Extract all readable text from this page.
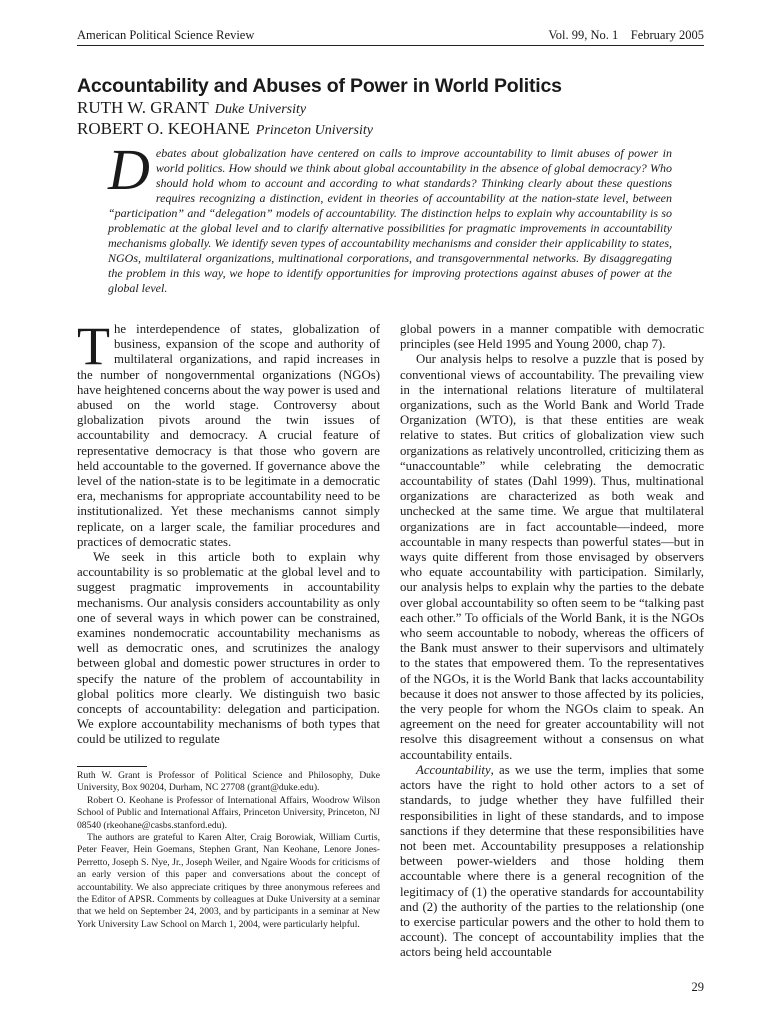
American Political Science Review	Vol. 99, No. 1 February 2005
Accountability and Abuses of Power in World Politics
RUTH W. GRANT Duke University
ROBERT O. KEOHANE Princeton University

Debates about globalization have centered on calls to improve accountability to limit abuses of power in world politics. How should we think about global accountability in the absence of global democracy? Who should hold whom to account and according to what standards? Thinking clearly about these questions requires recognizing a distinction, evident in theories of accountability at the nation-state level, between “participation” and “delegation” models of accountability. The distinction helps to explain why accountability is so problematic at the global level and to clarify alternative possibilities for pragmatic improvements in accountability mechanisms globally. We identify seven types of accountability mechanisms and consider their applicability to states, NGOs, multilateral organizations, multinational corporations, and transgovernmental networks. By disaggregating the problem in this way, we hope to identify opportunities for improving protections against abuses of power at the global level.

The interdependence of states, globalization of business, expansion of the scope and authority of multilateral organizations, and rapid increases in the number of nongovernmental organizations (NGOs) have heightened concerns about the way power is used and abused on the world stage. Controversy about globalization pivots around the twin issues of accountability and democracy. A crucial feature of representative democracy is that those who govern are held accountable to the governed. If governance above the level of the nation-state is to be legitimate in a democratic era, mechanisms for appropriate accountability need to be institutionalized. Yet these mechanisms cannot simply replicate, on a larger scale, the familiar procedures and practices of democratic states.

We seek in this article both to explain why accountability is so problematic at the global level and to suggest pragmatic improvements in accountability mechanisms. Our analysis considers accountability as only one of several ways in which power can be constrained, examines nondemocratic accountability mechanisms as well as democratic ones, and scrutinizes the analogy between global and domestic power structures in order to specify the nature of the problem of accountability in global politics more clearly. We distinguish two basic concepts of accountability: delegation and participation. We explore accountability mechanisms of both types that could be utilized to regulate

global powers in a manner compatible with democratic principles (see Held 1995 and Young 2000, chap 7).

Our analysis helps to resolve a puzzle that is posed by conventional views of accountability. The prevailing view in the international relations literature of multilateral organizations, such as the World Bank and World Trade Organization (WTO), is that these entities are weak relative to states. But critics of globalization view such organizations as relatively uncontrolled, criticizing them as “unaccountable” while celebrating the democratic accountability of states (Dahl 1999). Thus, multinational organizations are characterized as both weak and unchecked at the same time. We argue that multilateral organizations are in fact accountable—indeed, more accountable in many respects than powerful states—but in ways quite different from those envisaged by observers who equate accountability with participation. Similarly, our analysis helps to explain why the parties to the debate over global accountability so often seem to be “talking past each other.” To officials of the World Bank, it is the NGOs who seem accountable to nobody, whereas the officers of the Bank must answer to their supervisors and ultimately to the states that empowered them. To the representatives of the NGOs, it is the World Bank that lacks accountability because it does not answer to those affected by its policies, the very people for whom the NGOs claim to speak. An agreement on the need for greater accountability will not resolve this disagreement without a consensus on what accountability entails.

Accountability, as we use the term, implies that some actors have the right to hold other actors to a set of standards, to judge whether they have fulfilled their responsibilities in light of these standards, and to impose sanctions if they determine that these responsibilities have not been met. Accountability presupposes a relationship between power-wielders and those holding them accountable where there is a general recognition of the legitimacy of (1) the operative standards for accountability and (2) the authority of the parties to the relationship (one to exercise particular powers and the other to hold them to account). The concept of accountability implies that the actors being held accountable

Ruth W. Grant is Professor of Political Science and Philosophy, Duke University, Box 90204, Durham, NC 27708 (grant@duke.edu).

Robert O. Keohane is Professor of International Affairs, Woodrow Wilson School of Public and International Affairs, Princeton University, Princeton, NJ 08540 (rkeohane@casbs.stanford.edu).

The authors are grateful to Karen Alter, Craig Borowiak, William Curtis, Peter Feaver, Hein Goemans, Stephen Grant, Nan Keohane, Lenore Jones-Perretto, Joseph S. Nye, Jr., Joseph Weiler, and Ngaire Woods for criticisms of an early version of this paper and conversations about the concept of accountability. We also appreciate critiques by three anonymous referees and the Editor of APSR. Comments by colleagues at Duke University at a seminar that we held on September 24, 2003, and by participants in a seminar at New York University Law School on March 1, 2004, were particularly helpful.

29
